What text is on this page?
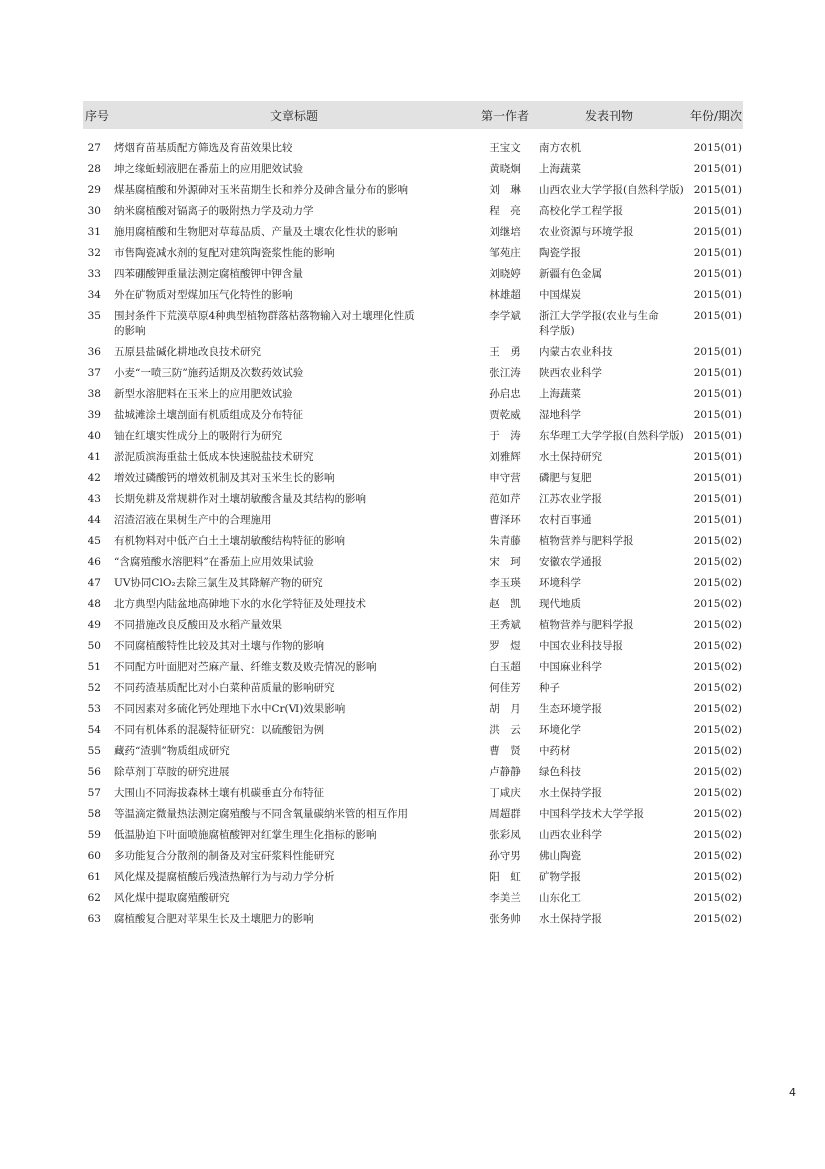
序号	文章标题	第一作者	发表刊物	年份/期次

27	烤烟育苗基质配方筛选及育苗效果比较	王宝文	南方农机	2015(01)
28	坤之缘蚯蚓液肥在番茄上的应用肥效试验	黄晓炯	上海蔬菜	2015(01)
29	煤基腐植酸和外源砷对玉米苗期生长和养分及砷含量分布的影响	刘　琳	山西农业大学学报(自然科学版)	2015(01)
30	纳米腐植酸对镉离子的吸附热力学及动力学	程　亮	高校化学工程学报	2015(01)
31	施用腐植酸和生物肥对草莓品质、产量及土壤农化性状的影响	刘继培	农业资源与环境学报	2015(01)
32	市售陶瓷减水剂的复配对建筑陶瓷浆性能的影响	邹苑庄	陶瓷学报	2015(01)
33	四苯硼酸钾重量法测定腐植酸钾中钾含量	刘晓婷	新疆有色金属	2015(01)
34	外在矿物质对型煤加压气化特性的影响	林雄超	中国煤炭	2015(01)
35	围封条件下荒漠草原4种典型植物群落枯落物输入对土壤理化性质
的影响	李学斌	浙江大学学报(农业与生命
科学版)	2015(01)
36	五原县盐碱化耕地改良技术研究	王　勇	内蒙古农业科技	2015(01)
37	小麦“一喷三防”施药适期及次数药效试验	张江涛	陕西农业科学	2015(01)
38	新型水溶肥料在玉米上的应用肥效试验	孙启忠	上海蔬菜	2015(01)
39	盐城滩涂土壤剖面有机质组成及分布特征	贾乾威	湿地科学	2015(01)
40	铀在红壤实性成分上的吸附行为研究	于　涛	东华理工大学学报(自然科学版)	2015(01)
41	淤泥质滨海重盐土低成本快速脱盐技术研究	刘雅辉	水土保持研究	2015(01)
42	增效过磷酸钙的增效机制及其对玉米生长的影响	申守营	磷肥与复肥	2015(01)
43	长期免耕及常规耕作对土壤胡敏酸含量及其结构的影响	范如芹	江苏农业学报	2015(01)
44	沼渣沼液在果树生产中的合理施用	曹泽环	农村百事通	2015(01)
45	有机物料对中低产白土土壤胡敏酸结构特征的影响	朱青藤	植物营养与肥料学报	2015(02)
46	“含腐殖酸水溶肥料”在番茄上应用效果试验	宋　珂	安徽农学通报	2015(02)
47	UV协同ClO₂去除三氯生及其降解产物的研究	李玉瑛	环境科学	2015(02)
48	北方典型内陆盆地高砷地下水的水化学特征及处理技术	赵　凯	现代地质	2015(02)
49	不同措施改良反酸田及水稻产量效果	王秀斌	植物营养与肥料学报	2015(02)
50	不同腐植酸特性比较及其对土壤与作物的影响	罗　煜	中国农业科技导报	2015(02)
51	不同配方叶面肥对苎麻产量、纤维支数及败壳情况的影响	白玉超	中国麻业科学	2015(02)
52	不同药渣基质配比对小白菜种苗质量的影响研究	何佳芳	种子	2015(02)
53	不同因素对多硫化钙处理地下水中Cr(Ⅵ)效果影响	胡　月	生态环境学报	2015(02)
54	不同有机体系的混凝特征研究：以硫酸铝为例	洪　云	环境化学	2015(02)
55	藏药“渣驯”物质组成研究	曹　贤	中药材	2015(02)
56	除草剂丁草胺的研究进展	卢静静	绿色科技	2015(02)
57	大围山不同海拔森林土壤有机碳垂直分布特征	丁咸庆	水土保持学报	2015(02)
58	等温滴定微量热法测定腐殖酸与不同含氧量碳纳米管的相互作用	周超群	中国科学技术大学学报	2015(02)
59	低温胁迫下叶面喷施腐植酸钾对红掌生理生化指标的影响	张彩凤	山西农业科学	2015(02)
60	多功能复合分散剂的制备及对宝矸浆料性能研究	孙守男	佛山陶瓷	2015(02)
61	风化煤及提腐植酸后残渣热解行为与动力学分析	阳　虹	矿物学报	2015(02)
62	风化煤中提取腐殖酸研究	李美兰	山东化工	2015(02)
63	腐植酸复合肥对苹果生长及土壤肥力的影响	张务帅	水土保持学报	2015(02)
4
